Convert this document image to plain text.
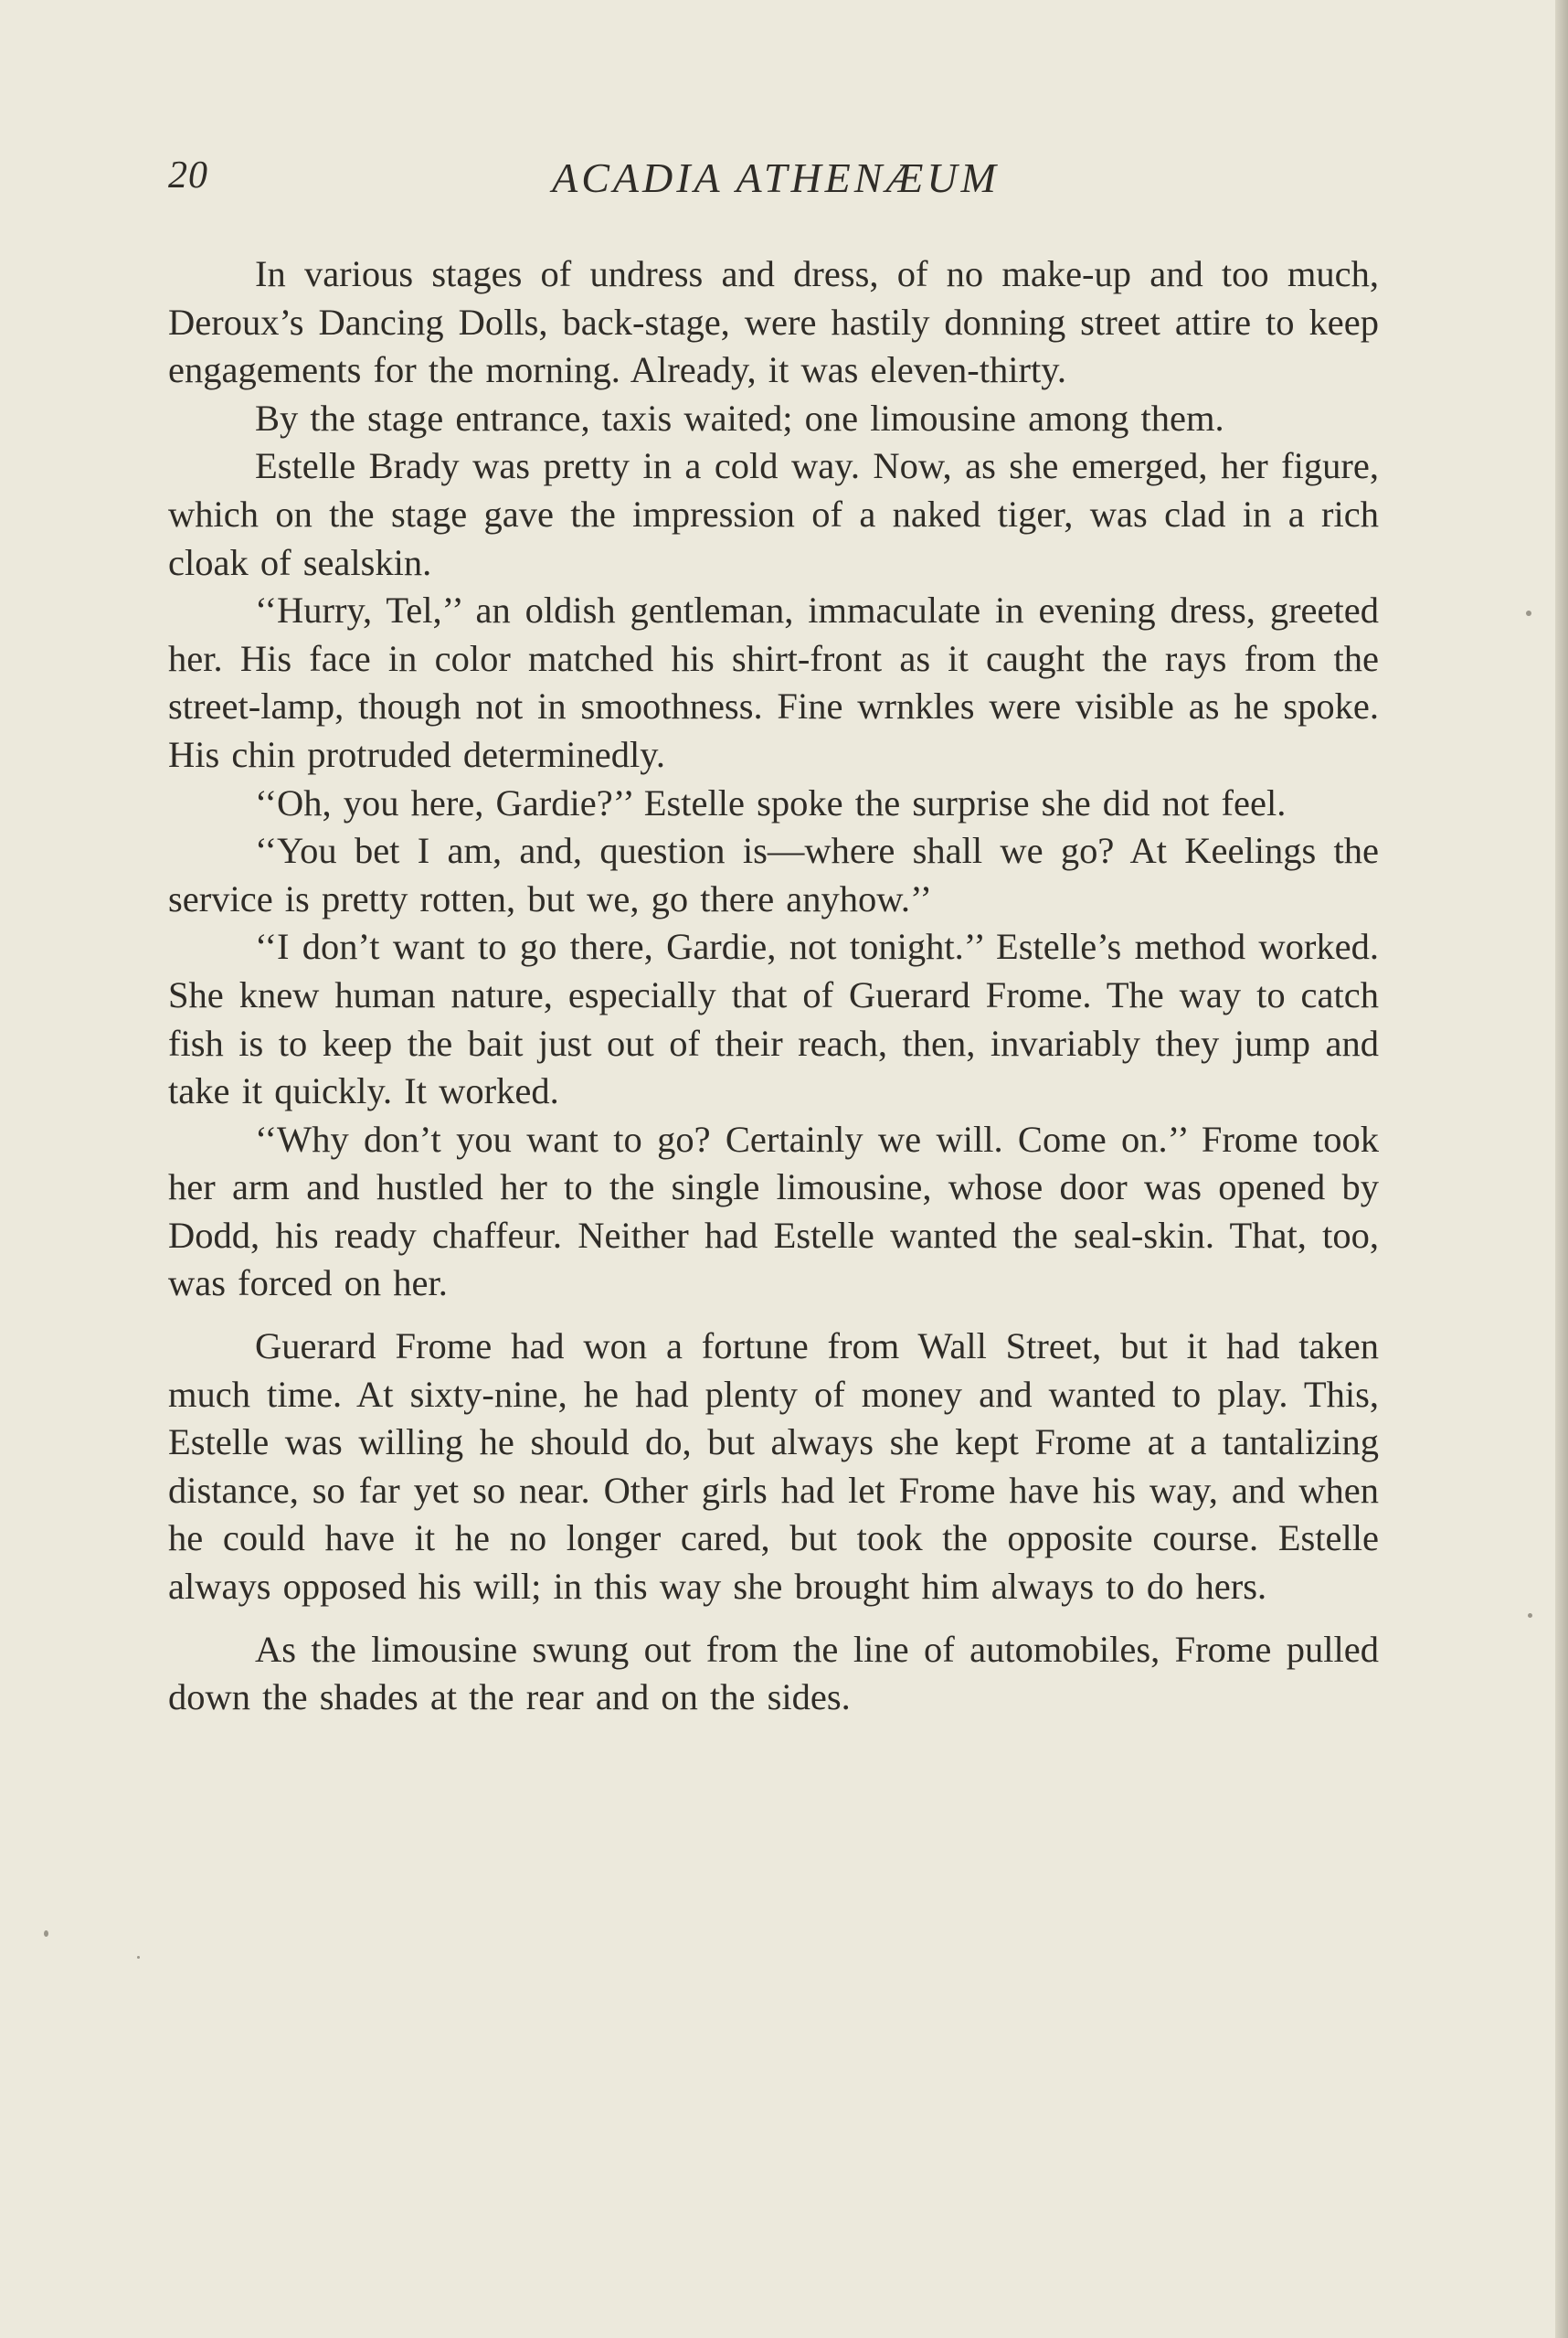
20	ACADIA ATHENÆUM

In various stages of undress and dress, of no make-up and too much, Deroux’s Dancing Dolls, back-stage, were hastily donning street attire to keep engagements for the morning. Already, it was eleven-thirty.

By the stage entrance, taxis waited; one limousine among them.

Estelle Brady was pretty in a cold way. Now, as she emerged, her figure, which on the stage gave the impression of a naked tiger, was clad in a rich cloak of sealskin.

‘‘Hurry, Tel,’’ an oldish gentleman, immaculate in evening dress, greeted her. His face in color matched his shirt-front as it caught the rays from the street-lamp, though not in smoothness. Fine wrnkles were visible as he spoke. His chin protruded determinedly.

‘‘Oh, you here, Gardie?’’ Estelle spoke the surprise she did not feel.

‘‘You bet I am, and, question is—where shall we go? At Keelings the service is pretty rotten, but we, go there anyhow.’’

‘‘I don’t want to go there, Gardie, not tonight.’’ Estelle’s method worked. She knew human nature, especially that of Guerard Frome. The way to catch fish is to keep the bait just out of their reach, then, invariably they jump and take it quickly. It worked.

‘‘Why don’t you want to go? Certainly we will. Come on.’’ Frome took her arm and hustled her to the single limousine, whose door was opened by Dodd, his ready chaffeur. Neither had Estelle wanted the seal-skin. That, too, was forced on her.

Guerard Frome had won a fortune from Wall Street, but it had taken much time. At sixty-nine, he had plenty of money and wanted to play. This, Estelle was willing he should do, but always she kept Frome at a tantalizing distance, so far yet so near. Other girls had let Frome have his way, and when he could have it he no longer cared, but took the opposite course. Estelle always opposed his will; in this way she brought him always to do hers.

As the limousine swung out from the line of automobiles, Frome pulled down the shades at the rear and on the sides.
